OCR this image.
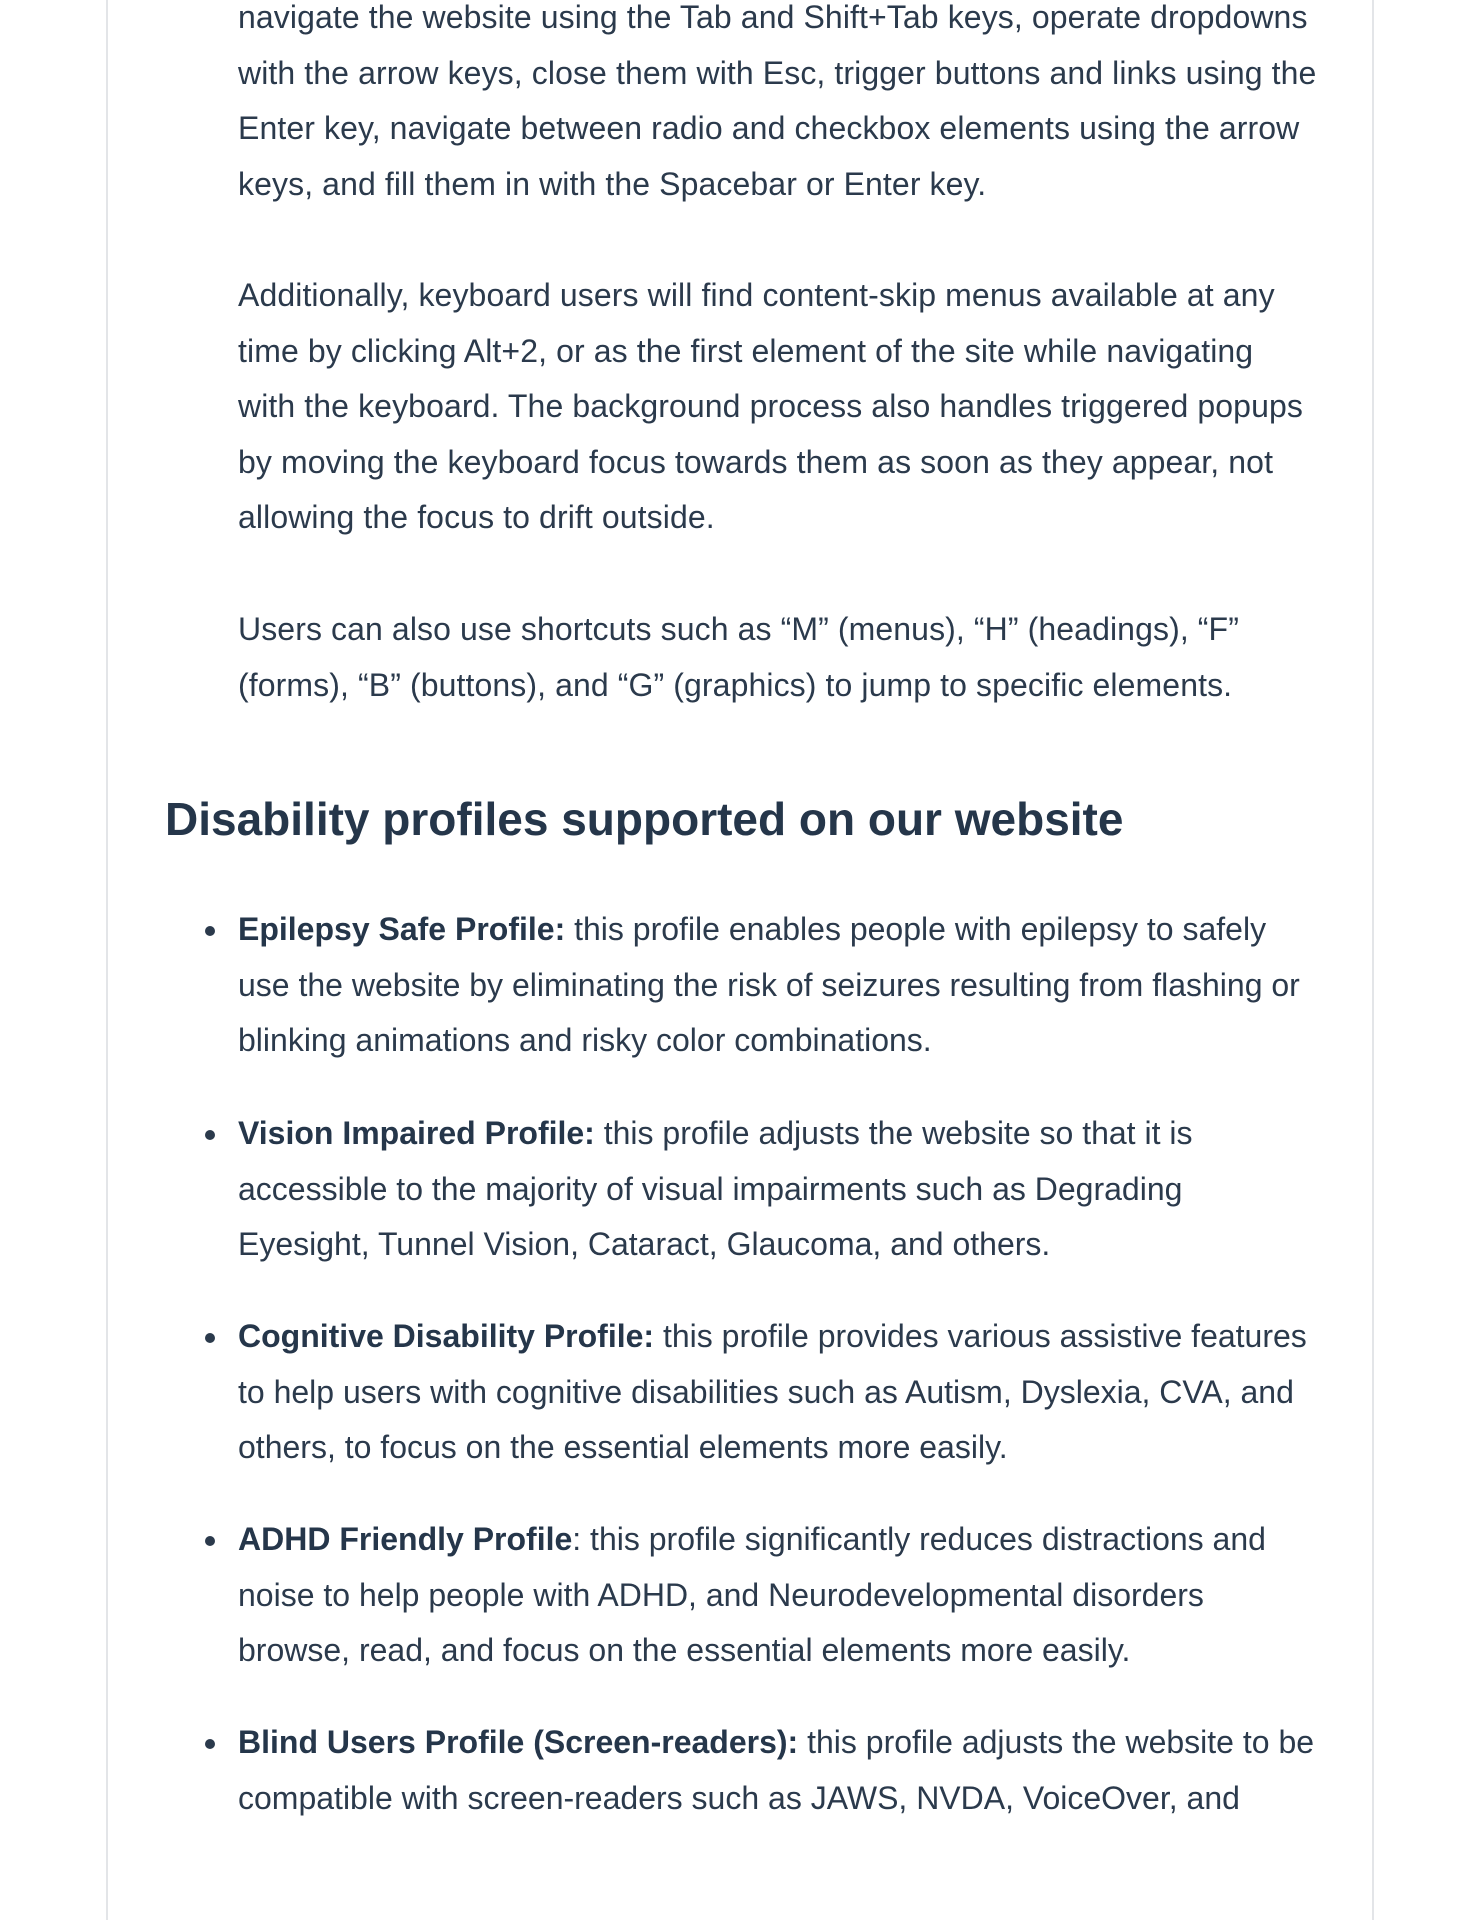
navigate the website using the Tab and Shift+Tab keys, operate dropdowns with the arrow keys, close them with Esc, trigger buttons and links using the Enter key, navigate between radio and checkbox elements using the arrow keys, and fill them in with the Spacebar or Enter key.

Additionally, keyboard users will find content-skip menus available at any time by clicking Alt+2, or as the first element of the site while navigating with the keyboard. The background process also handles triggered popups by moving the keyboard focus towards them as soon as they appear, not allowing the focus to drift outside.

Users can also use shortcuts such as “M” (menus), “H” (headings), “F” (forms), “B” (buttons), and “G” (graphics) to jump to specific elements.

Disability profiles supported on our website
Epilepsy Safe Profile: this profile enables people with epilepsy to safely use the website by eliminating the risk of seizures resulting from flashing or blinking animations and risky color combinations.
Vision Impaired Profile: this profile adjusts the website so that it is accessible to the majority of visual impairments such as Degrading Eyesight, Tunnel Vision, Cataract, Glaucoma, and others.
Cognitive Disability Profile: this profile provides various assistive features to help users with cognitive disabilities such as Autism, Dyslexia, CVA, and others, to focus on the essential elements more easily.
ADHD Friendly Profile: this profile significantly reduces distractions and noise to help people with ADHD, and Neurodevelopmental disorders browse, read, and focus on the essential elements more easily.
Blind Users Profile (Screen-readers): this profile adjusts the website to be compatible with screen-readers such as JAWS, NVDA, VoiceOver, and
